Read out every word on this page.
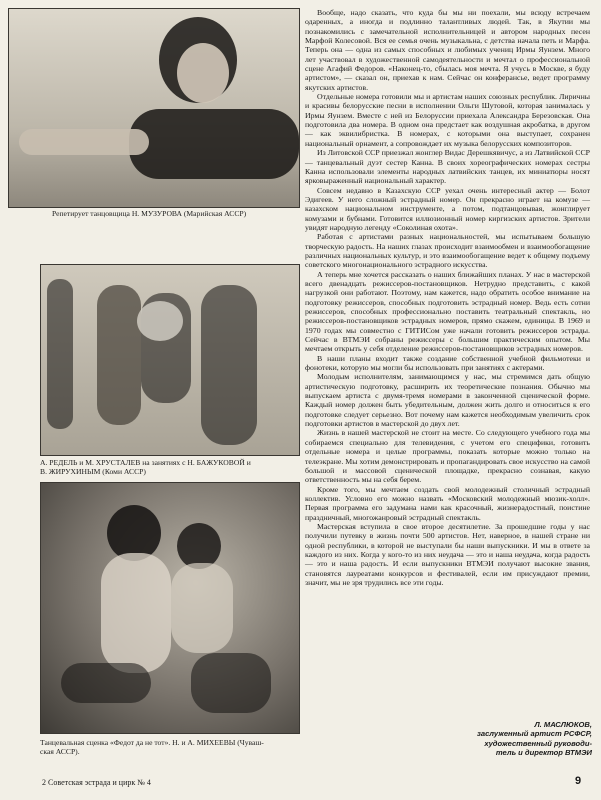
Репетирует танцовщица Н. МУЗУРОВА (Марийская АССР)
А. РЕДЕЛЬ и М. ХРУСТАЛЕВ на занятиях с Н. БАЖУКОВОЙ и
В. ЖИРУХИНЫМ (Коми АССР)
Танцевальная сценка «Федот да не тот». Н. и А. МИХЕЕВЫ (Чуваш-
ская АССР).

Вообще, надо сказать, что куда бы мы ни поехали, мы всюду встречаем одаренных, а иногда и подлинно талантливых людей. Так, в Якутии мы познакомились с замечательной исполнительницей и автором народных песен Марфой Колесовой. Вся ее семья очень музыкальна, с детства начала петь и Марфа. Теперь она — одна из самых способных и любимых учениц Ирмы Яунзем. Много лет участвовал в художественной самодеятельности и мечтал о профессиональной сцене Агафий Федоров. «Наконец-то, сбылась моя мечта. Я учусь в Москве, я буду артистом», — сказал он, приехав к нам. Сейчас он конферансье, ведет программу якутских артистов.

Отдельные номера готовили мы и артистам наших союзных республик. Лиричны и красивы белорусские песни в исполнении Ольги Шутовой, которая занималась у Ирмы Яунзем. Вместе с ней из Белоруссии приехала Александра Березовская. Она подготовила два номера. В одном она предстает как воздушная акробатка, в другом — как эквилибристка. В номерах, с которыми она выступает, сохранен национальный орнамент, а сопровождает их музыка белорусских композиторов.

Из Литовской ССР приезжал жонглер Видас Дерешкявичус, а из Латвийской ССР — танцевальный дуэт сестер Канна. В своих хореографических номерах сестры Канна использовали элементы народных латвийских танцев, их миниатюры носят ярковыраженный национальный характер.

Совсем недавно в Казахскую ССР уехал очень интересный актер — Болот Эдигеев. У него сложный эстрадный номер. Он прекрасно играет на комузе — казахском национальном инструменте, а потом, подтанцовывая, жонглирует комузами и бубнами. Готовится иллюзионный номер киргизских артистов. Зрители увидят народную легенду «Соколиная охота».

Работая с артистами разных национальностей, мы испытываем большую творческую радость. На наших глазах происходит взаимообмен и взаимообогащение различных национальных культур, и это взаимообогащение ведет к общему подъему советского многонационального эстрадного искусства.

А теперь мне хочется рассказать о наших ближайших планах. У нас в мастерской всего двенадцать режиссеров-постановщиков. Нетрудно представить, с какой нагрузкой они работают. Поэтому, нам кажется, надо обратить особое внимание на подготовку режиссеров, способных подготовить эстрадный номер. Ведь есть сотни режиссеров, способных профессионально поставить театральный спектакль, но режиссеров-постановщиков эстрадных номеров, прямо скажем, единицы. В 1969 и 1970 годах мы совместно с ГИТИСом уже начали готовить режиссеров эстрады. Сейчас в ВТМЭИ собраны режиссеры с большим практическим опытом. Мы мечтаем открыть у себя отделение режиссеров-постановщиков эстрадных номеров.

В наши планы входит также создание собственной учебной фильмотеки и фонотеки, которую мы могли бы использовать при занятиях с актерами.

Молодым исполнителям, занимающимся у нас, мы стремимся дать общую артистическую подготовку, расширить их теоретические познания. Обычно мы выпускаем артиста с двумя-тремя номерами в законченной сценической форме. Каждый номер должен быть убедительным, должен жить долго и относиться к его подготовке следует серьезно. Вот почему нам кажется необходимым увеличить срок подготовки артистов в мастерской до двух лет.

Жизнь в нашей мастерской не стоит на месте. Со следующего учебного года мы собираемся специально для телевидения, с учетом его специфики, готовить отдельные номера и целые программы, показать которые можно только на телеэкране. Мы хотим демонстрировать и пропагандировать свое искусство на самой большой и массовой сценической площадке, прекрасно сознавая, какую ответственность мы на себя берем.

Кроме того, мы мечтаем создать свой молодежный столичный эстрадный коллектив. Условно его можно назвать «Московский молодежный мюзик-холл». Первая программа его задумана нами как красочный, жизнерадостный, поистине праздничный, многожанровый эстрадный спектакль.

Мастерская вступила в свое второе десятилетие. За прошедшие годы у нас получили путевку в жизнь почти 500 артистов. Нет, наверное, в нашей стране ни одной республики, в которой не выступали бы наши выпускники. И мы в ответе за каждого из них. Когда у кого-то из них неудача — это и наша неудача, когда радость — это и наша радость. И если выпускники ВТМЭИ получают высокие звания, становятся лауреатами конкурсов и фестивалей, если им присуждают премии, значит, мы не зря трудились все эти годы.

Л. МАСЛЮКОВ,
заслуженный артист РСФСР,
художественный руководи-
тель и директор ВТМЭИ
2 Советская эстрада и цирк № 4	9
